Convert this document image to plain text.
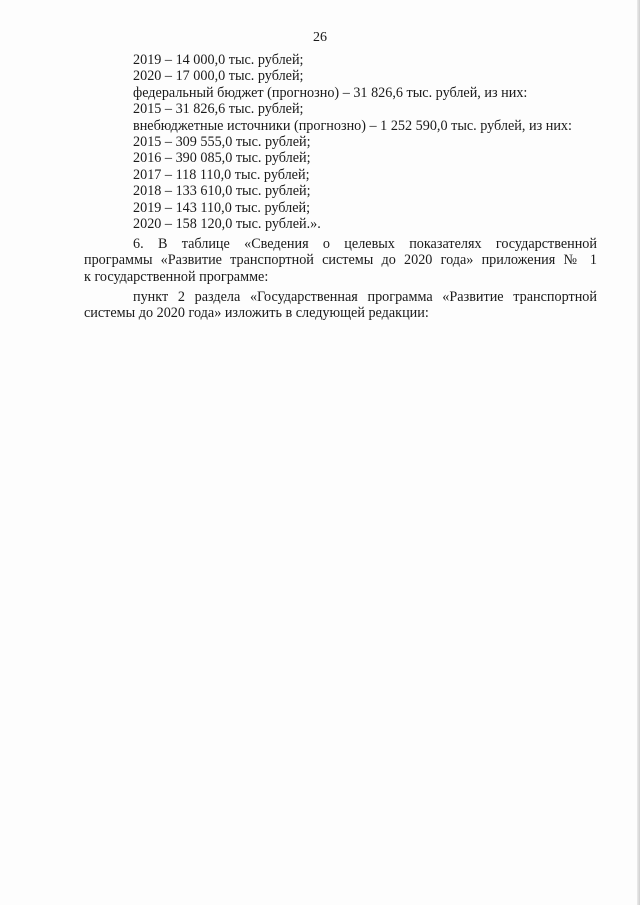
26

2019 – 14 000,0 тыс. рублей;

2020 – 17 000,0 тыс. рублей;

федеральный бюджет (прогнозно) – 31 826,6 тыс. рублей, из них:

2015 – 31 826,6 тыс. рублей;

внебюджетные источники (прогнозно) – 1 252 590,0 тыс. рублей, из них:

2015 – 309 555,0 тыс. рублей;

2016 – 390 085,0 тыс. рублей;

2017 – 118 110,0 тыс. рублей;

2018 – 133 610,0 тыс. рублей;

2019 – 143 110,0 тыс. рублей;

2020 – 158 120,0 тыс. рублей.».

6. В таблице «Сведения о целевых показателях государственной
программы «Развитие транспортной системы до 2020 года» приложения № 1
к государственной программе:
пункт 2 раздела «Государственная программа «Развитие транспортной
системы до 2020 года» изложить в следующей редакции:
